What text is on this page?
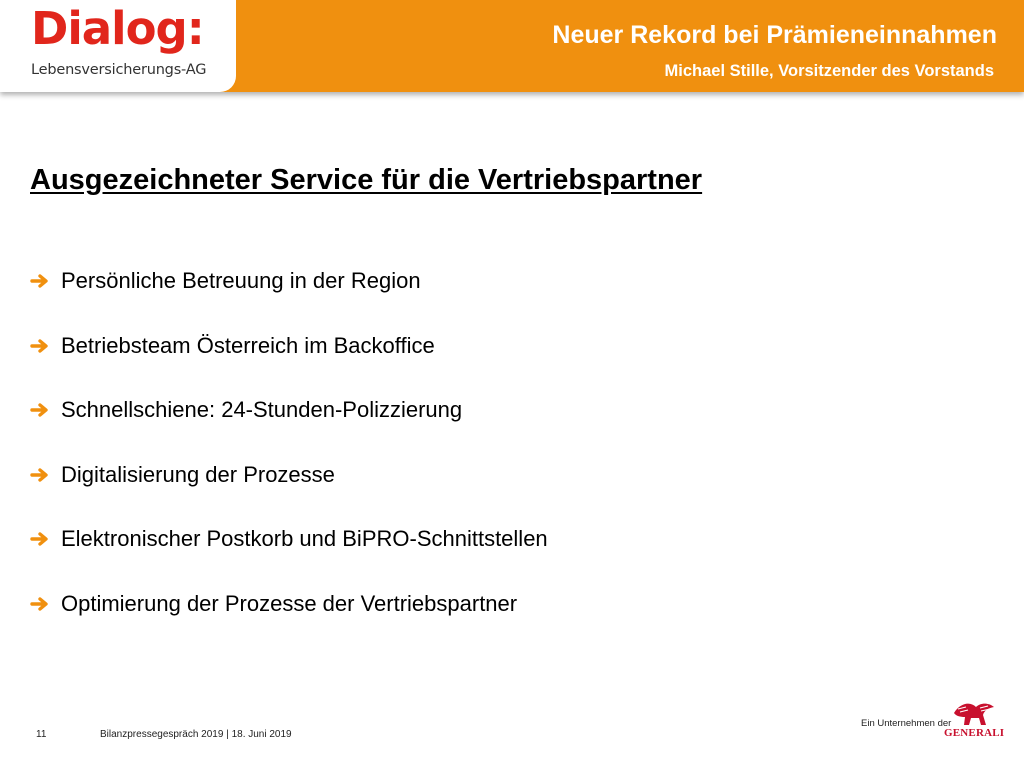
Dialog:
Lebensversicherungs-AG
Neuer Rekord bei Prämieneinnahmen
Michael Stille, Vorsitzender des Vorstands
Ausgezeichneter Service für die Vertriebspartner
Persönliche Betreuung in der Region
Betriebsteam Österreich im Backoffice
Schnellschiene: 24-Stunden-Polizzierung
Digitalisierung der Prozesse
Elektronischer Postkorb und BiPRO-Schnittstellen
Optimierung der Prozesse der Vertriebspartner
11	Bilanzpressegespräch 2019 | 18. Juni 2019
Ein Unternehmen der
GENERALI
